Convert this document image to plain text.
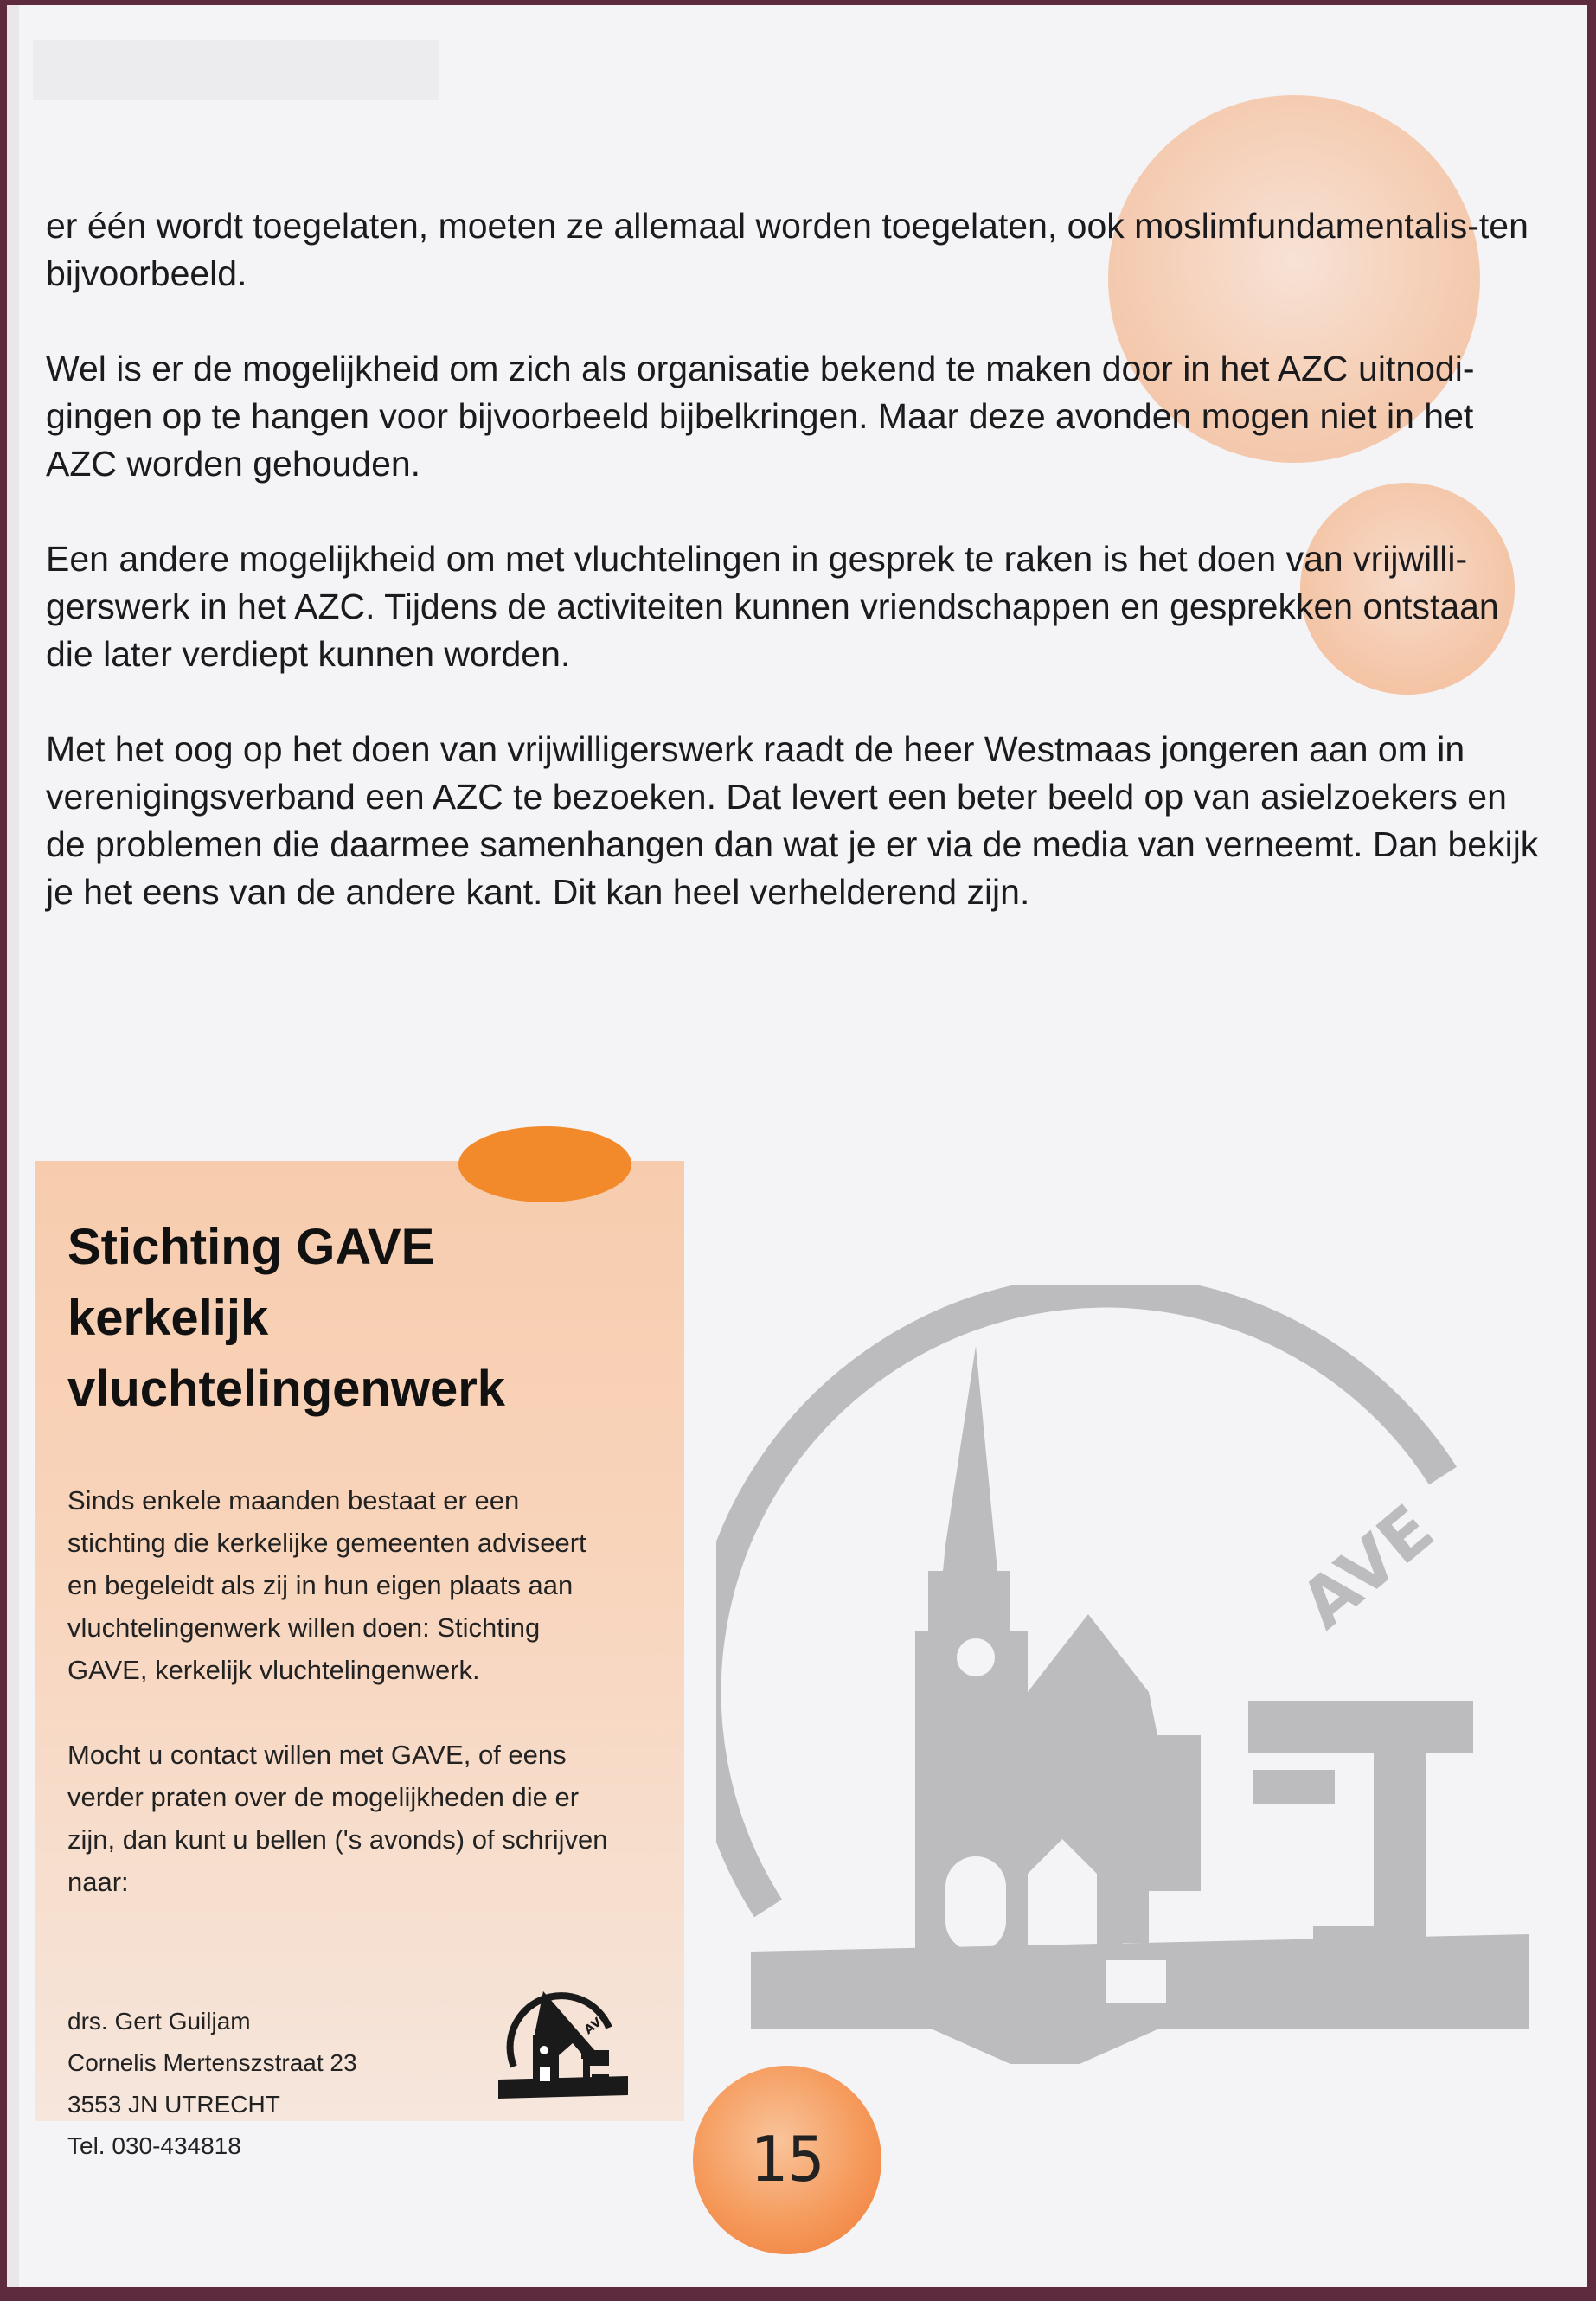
er één wordt toegelaten, moeten ze allemaal worden toegelaten, ook moslimfundamentalis-ten bijvoorbeeld.

Wel is er de mogelijkheid om zich als organisatie bekend te maken door in het AZC uitnodi-gingen op te hangen voor bijvoorbeeld bijbelkringen. Maar deze avonden mogen niet in het AZC worden gehouden.

Een andere mogelijkheid om met vluchtelingen in gesprek te raken is het doen van vrijwilli-gerswerk in het AZC. Tijdens de activiteiten kunnen vriendschappen en gesprekken ontstaan die later verdiept kunnen worden.

Met het oog op het doen van vrijwilligerswerk raadt de heer Westmaas jongeren aan om in verenigingsverband een AZC te bezoeken. Dat levert een beter beeld op van asielzoekers en de problemen die daarmee samenhangen dan wat je er via de media van verneemt. Dan bekijk je het eens van de andere kant. Dit kan heel verhelderend zijn.

Stichting GAVE
kerkelijk
vluchtelingenwerk

Sinds enkele maanden bestaat er een stichting die kerkelijke gemeenten adviseert en begeleidt als zij in hun eigen plaats aan vluchtelingenwerk willen doen: Stichting GAVE, kerkelijk vluchtelingenwerk.

Mocht u contact willen met GAVE, of eens verder praten over de mogelijkheden die er zijn, dan kunt u bellen ('s avonds) of schrijven naar:

drs. Gert Guiljam
Cornelis Mertenszstraat 23
3553 JN UTRECHT
Tel. 030-434818
AVE
AVE
15
